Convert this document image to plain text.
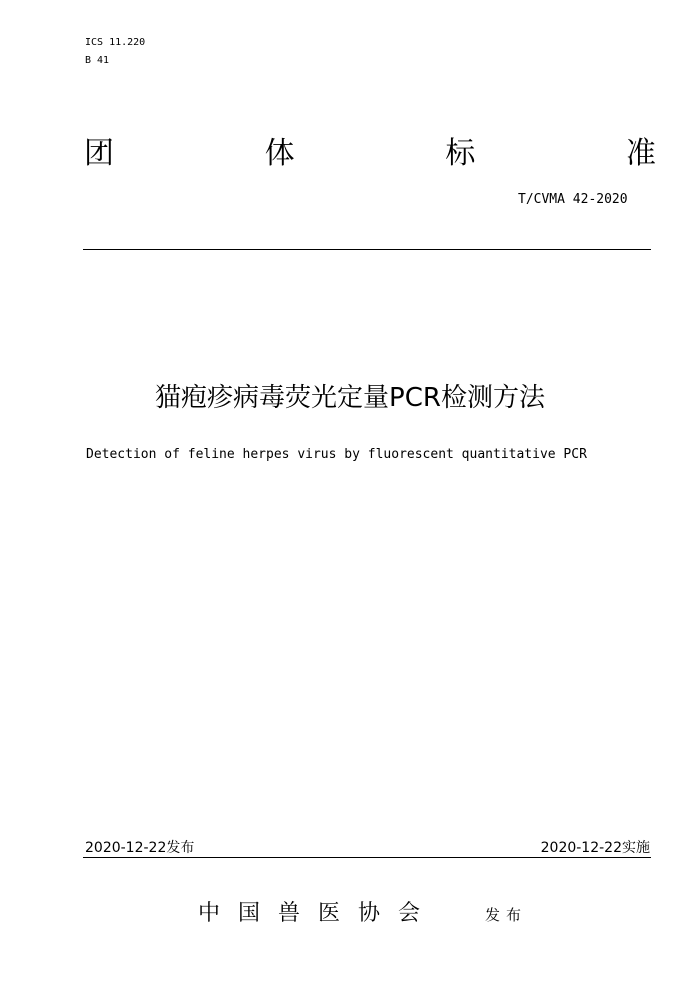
ICS 11.220
B 41
团	体	标	准
T/CVMA 42-2020
猫疱疹病毒荧光定量PCR检测方法
Detection of feline herpes virus by fluorescent quantitative PCR
2020-12-22发布	2020-12-22实施
中国兽医协会	发布
